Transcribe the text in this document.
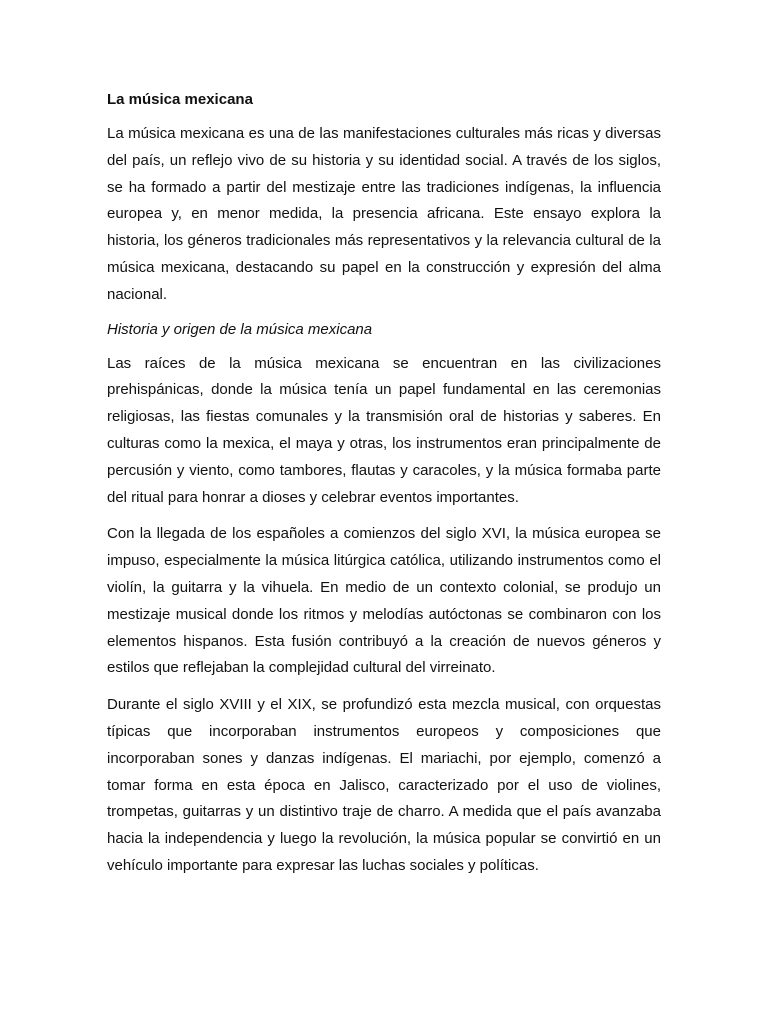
La música mexicana

La música mexicana es una de las manifestaciones culturales más ricas y diversas del país, un reflejo vivo de su historia y su identidad social. A través de los siglos, se ha formado a partir del mestizaje entre las tradiciones indígenas, la influencia europea y, en menor medida, la presencia africana. Este ensayo explora la historia, los géneros tradicionales más representativos y la relevancia cultural de la música mexicana, destacando su papel en la construcción y expresión del alma nacional.

Historia y origen de la música mexicana

Las raíces de la música mexicana se encuentran en las civilizaciones prehispánicas, donde la música tenía un papel fundamental en las ceremonias religiosas, las fiestas comunales y la transmisión oral de historias y saberes. En culturas como la mexica, el maya y otras, los instrumentos eran principalmente de percusión y viento, como tambores, flautas y caracoles, y la música formaba parte del ritual para honrar a dioses y celebrar eventos importantes.

Con la llegada de los españoles a comienzos del siglo XVI, la música europea se impuso, especialmente la música litúrgica católica, utilizando instrumentos como el violín, la guitarra y la vihuela. En medio de un contexto colonial, se produjo un mestizaje musical donde los ritmos y melodías autóctonas se combinaron con los elementos hispanos. Esta fusión contribuyó a la creación de nuevos géneros y estilos que reflejaban la complejidad cultural del virreinato.

Durante el siglo XVIII y el XIX, se profundizó esta mezcla musical, con orquestas típicas que incorporaban instrumentos europeos y composiciones que incorporaban sones y danzas indígenas. El mariachi, por ejemplo, comenzó a tomar forma en esta época en Jalisco, caracterizado por el uso de violines, trompetas, guitarras y un distintivo traje de charro. A medida que el país avanzaba hacia la independencia y luego la revolución, la música popular se convirtió en un vehículo importante para expresar las luchas sociales y políticas.
